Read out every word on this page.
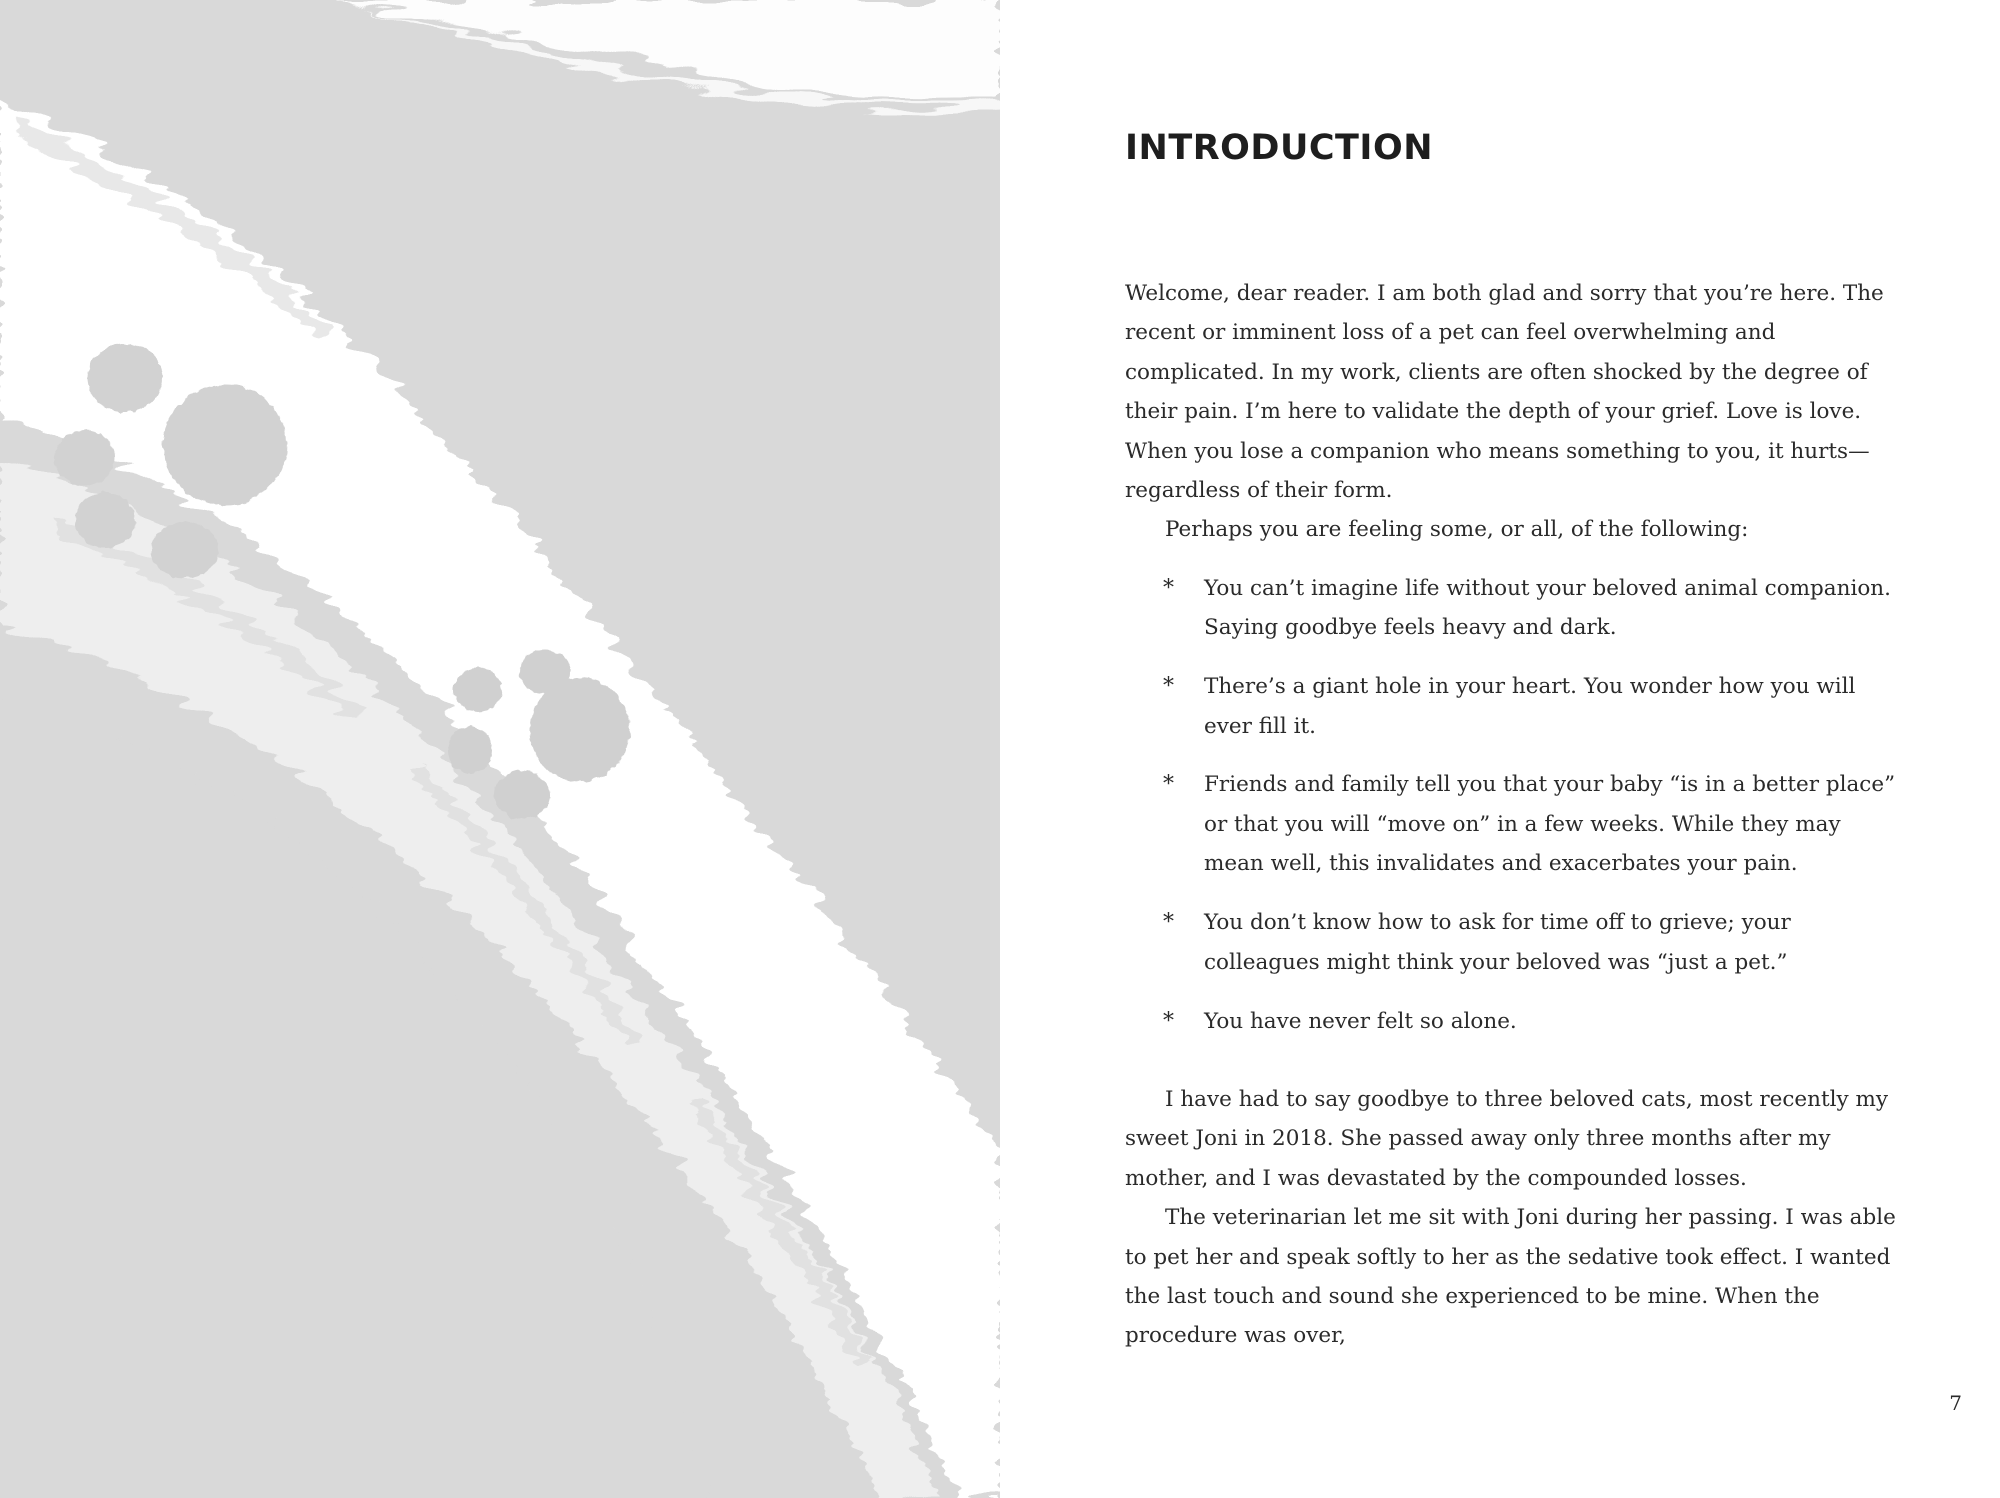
INTRODUCTION

Welcome, dear reader. I am both glad and sorry that you’re here. The recent or imminent loss of a pet can feel overwhelming and complicated. In my work, clients are often shocked by the degree of their pain. I’m here to validate the depth of your grief. Love is love. When you lose a companion who means something to you, it hurts—regardless of their form.

Perhaps you are feeling some, or all, of the following:

* You can’t imagine life without your beloved animal companion. Saying goodbye feels heavy and dark.
* There’s a giant hole in your heart. You wonder how you will ever fill it.
* Friends and family tell you that your baby “is in a better place” or that you will “move on” in a few weeks. While they may mean well, this invalidates and exacerbates your pain.
* You don’t know how to ask for time off to grieve; your colleagues might think your beloved was “just a pet.”
* You have never felt so alone.

I have had to say goodbye to three beloved cats, most recently my sweet Joni in 2018. She passed away only three months after my mother, and I was devastated by the compounded losses.

The veterinarian let me sit with Joni during her passing. I was able to pet her and speak softly to her as the sedative took effect. I wanted the last touch and sound she experienced to be mine. When the procedure was over,

7
